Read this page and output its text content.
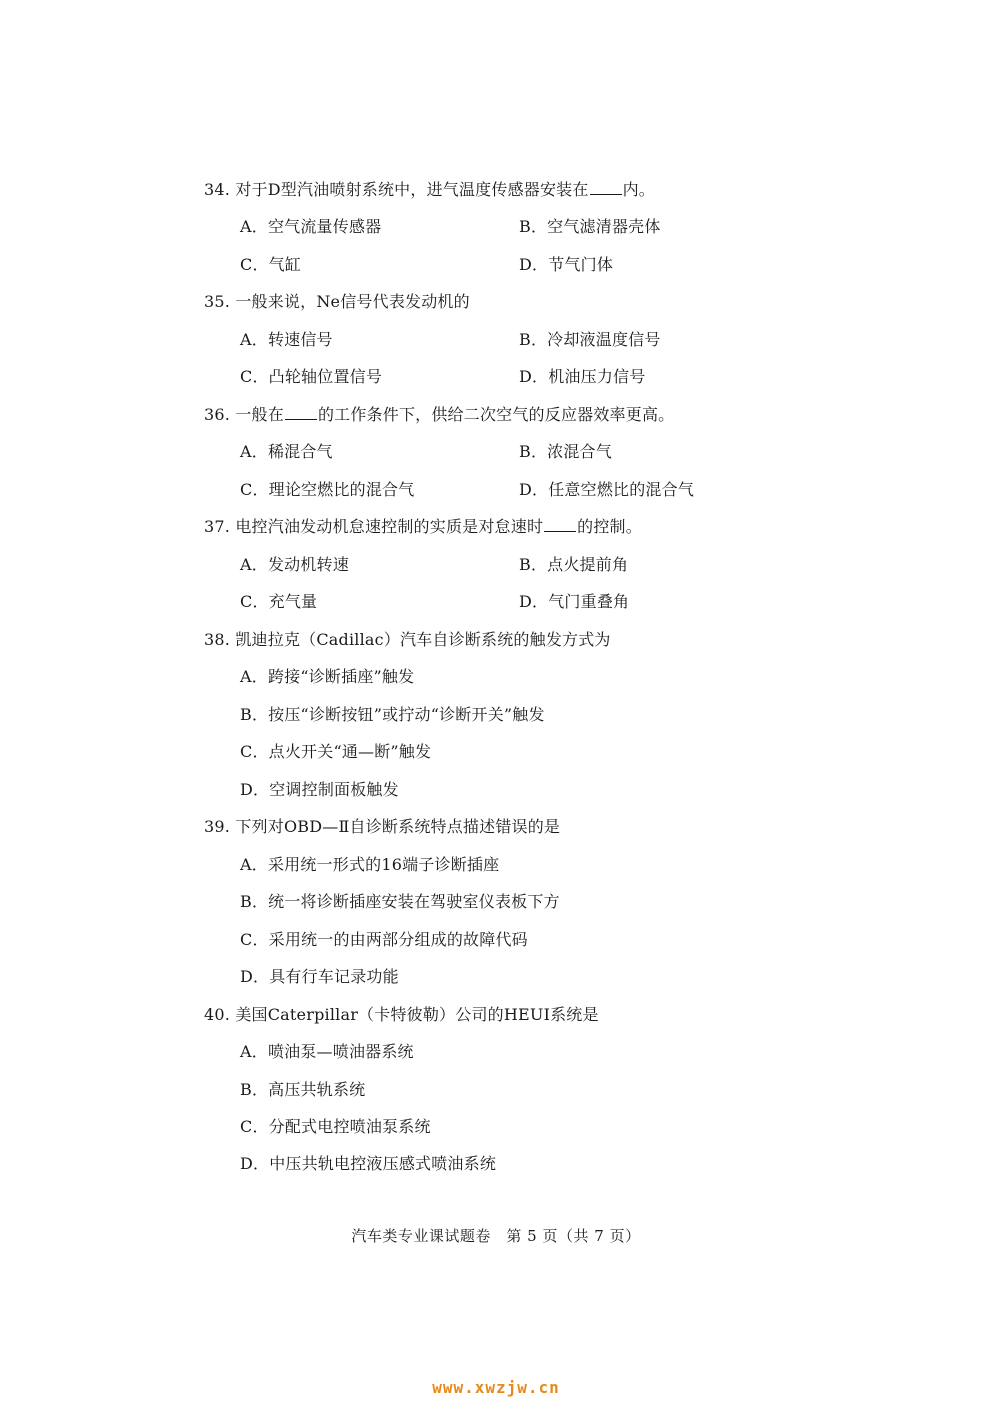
34. 对于D型汽油喷射系统中，进气温度传感器安装在 内。
A．空气流量传感器	B．空气滤清器壳体
C．气缸	D．节气门体
35. 一般来说，Ne信号代表发动机的
A．转速信号	B．冷却液温度信号
C．凸轮轴位置信号	D．机油压力信号
36. 一般在 的工作条件下，供给二次空气的反应器效率更高。
A．稀混合气	B．浓混合气
C．理论空燃比的混合气	D．任意空燃比的混合气
37. 电控汽油发动机怠速控制的实质是对怠速时 的控制。
A．发动机转速	B．点火提前角
C．充气量	D．气门重叠角
38. 凯迪拉克（Cadillac）汽车自诊断系统的触发方式为
A．跨接“诊断插座”触发
B．按压“诊断按钮”或拧动“诊断开关”触发
C．点火开关“通—断”触发
D．空调控制面板触发
39. 下列对OBD—Ⅱ自诊断系统特点描述错误的是
A．采用统一形式的16端子诊断插座
B．统一将诊断插座安装在驾驶室仪表板下方
C．采用统一的由两部分组成的故障代码
D．具有行车记录功能
40. 美国Caterpillar（卡特彼勒）公司的HEUI系统是
A．喷油泵—喷油器系统
B．高压共轨系统
C．分配式电控喷油泵系统
D．中压共轨电控液压感式喷油系统
汽车类专业课试题卷　第 5 页（共 7 页）
www.xwzjw.cn
